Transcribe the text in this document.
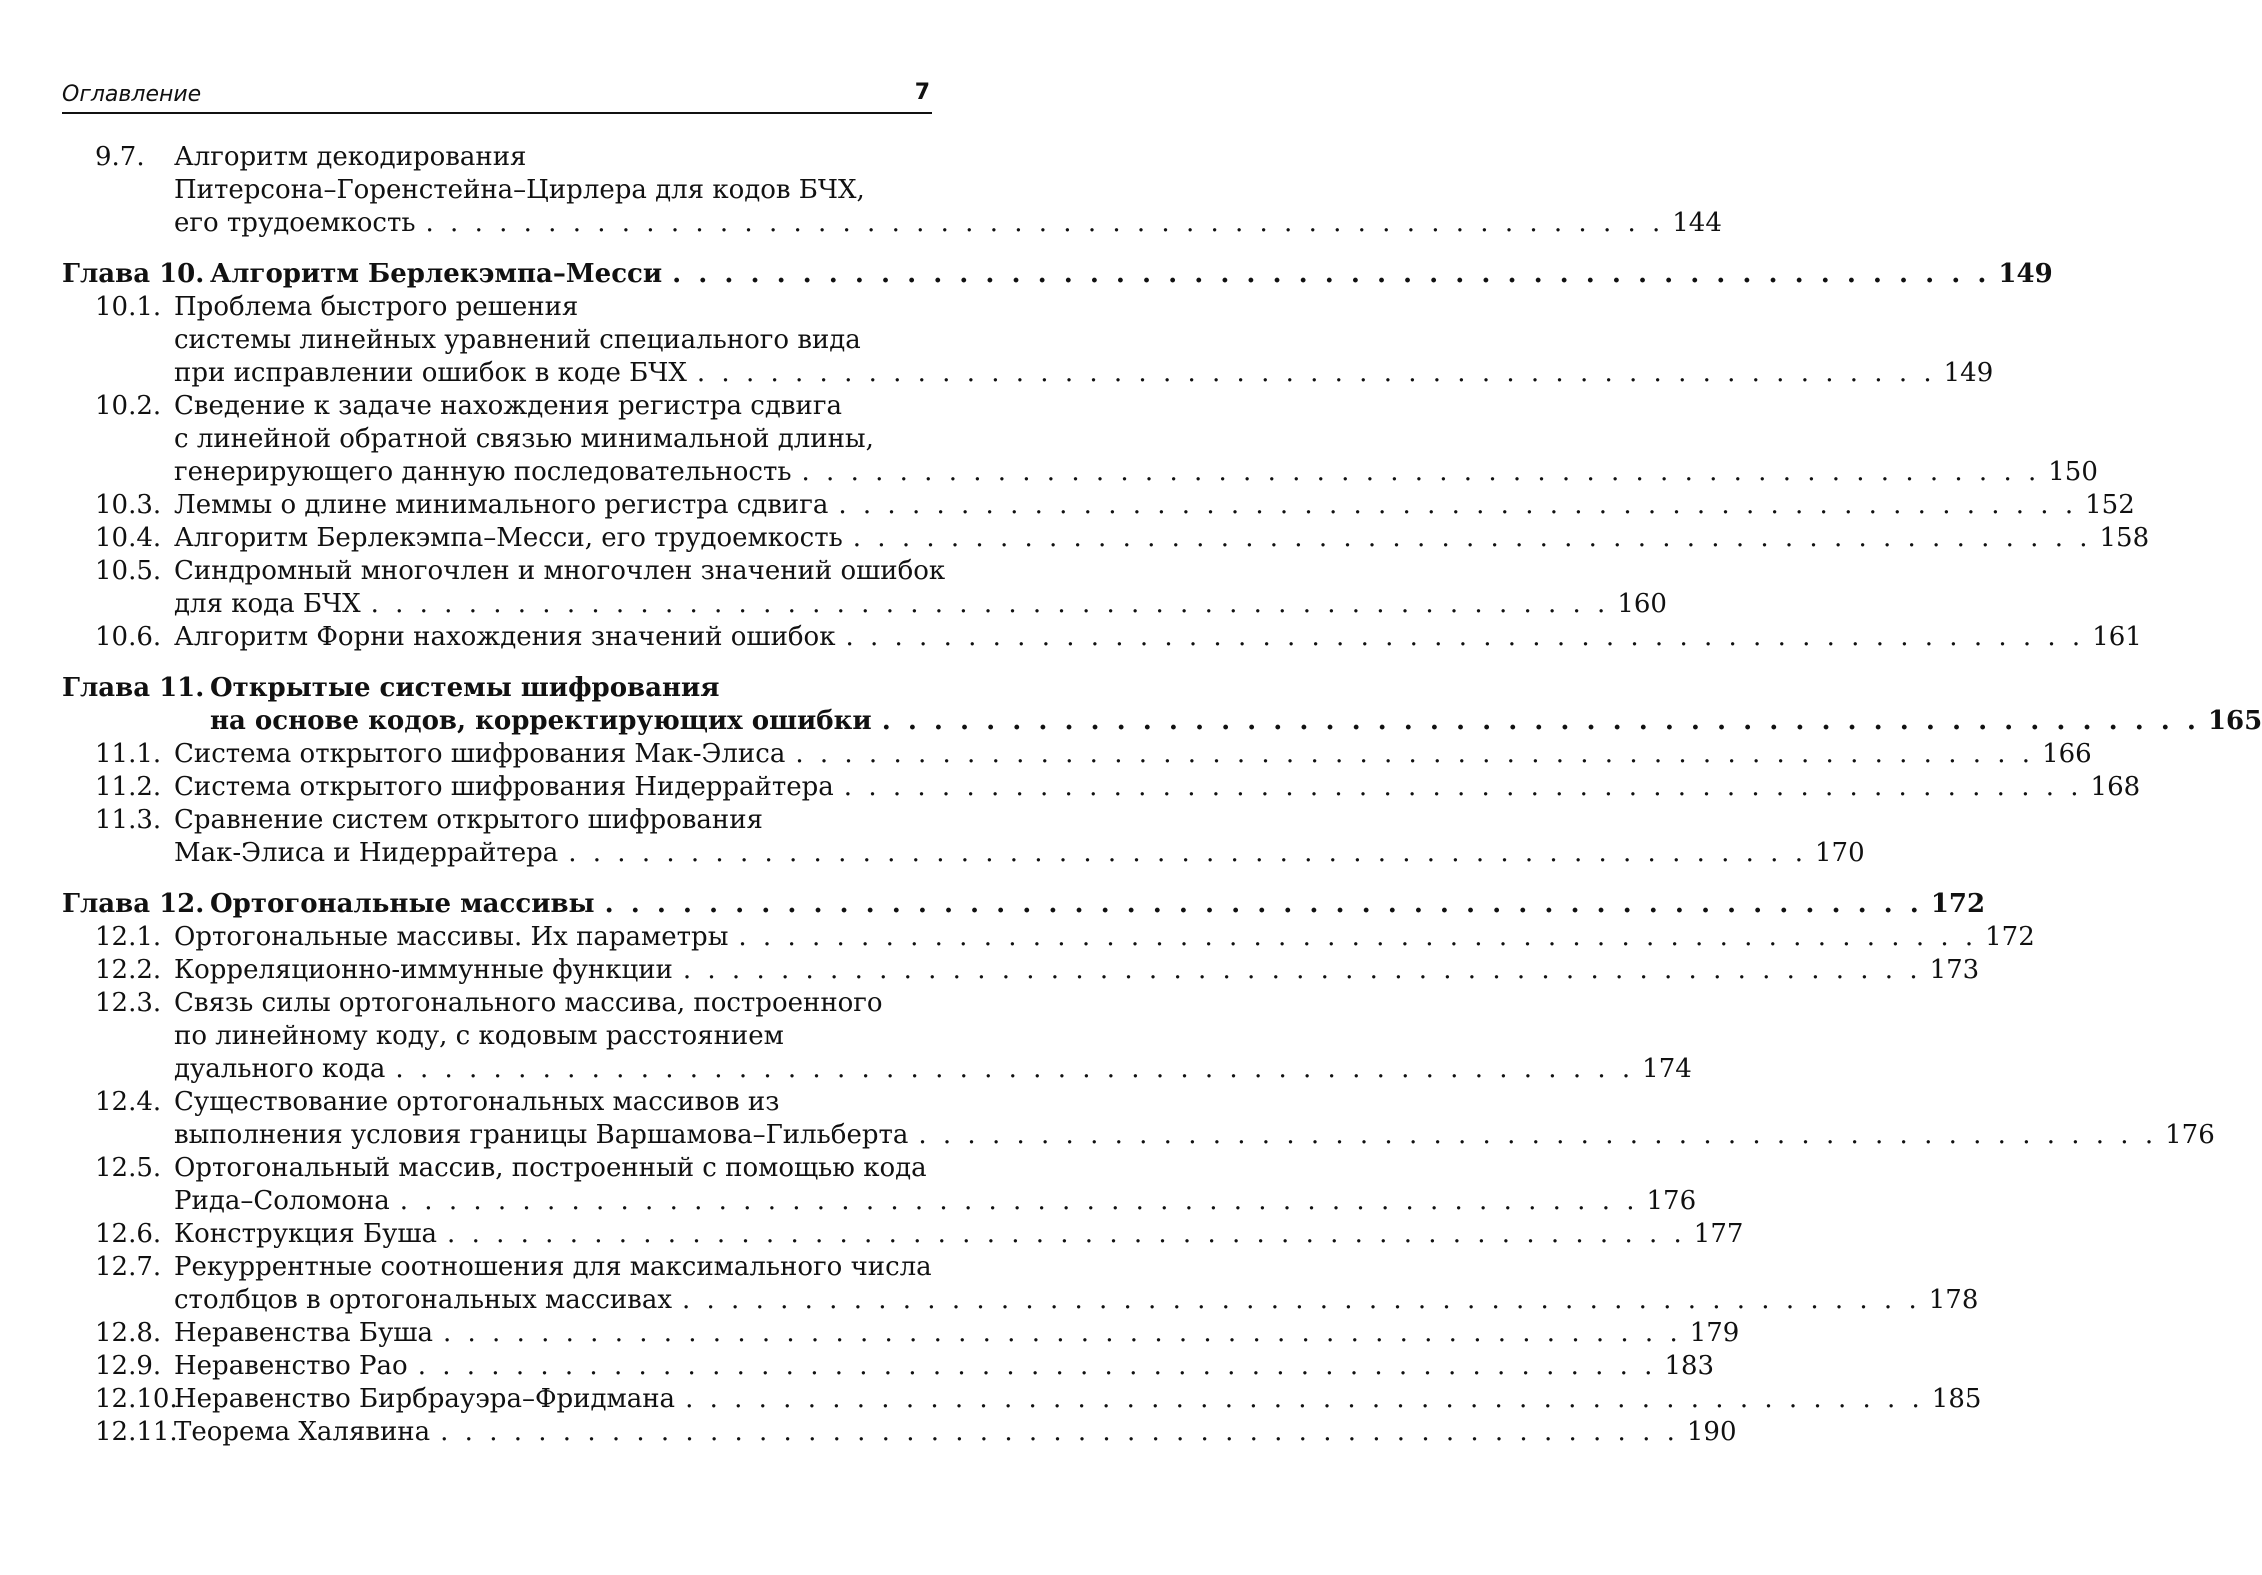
Оглавление	7
9.7. Алгоритм декодирования
Питерсона–Горенстейна–Цирлера для кодов БЧХ,
его трудоемкость . . . . . . . . . . . . . . . . . . . . . . . . . . . . . . . . . . . . . . . . . . . . . . . . . . . 144
Глава 10. Алгоритм Берлекэмпа–Месси . . . . . . . . . . . . . . . . . . . . . . . . . . . . . . . . . . . . . . . . . . . . . . . . . . . 149
10.1. Проблема быстрого решения
системы линейных уравнений специального вида
при исправлении ошибок в коде БЧХ . . . . . . . . . . . . . . . . . . . . . . . . . . . . . . . . . . . . . . . . . . . . . . . . . . . 149
10.2. Сведение к задаче нахождения регистра сдвига
с линейной обратной связью минимальной длины,
генерирующего данную последовательность . . . . . . . . . . . . . . . . . . . . . . . . . . . . . . . . . . . . . . . . . . . . . . . . . . . 150
10.3. Леммы о длине минимального регистра сдвига . . . . . . . . . . . . . . . . . . . . . . . . . . . . . . . . . . . . . . . . . . . . . . . . . . . 152
10.4. Алгоритм Берлекэмпа–Месси, его трудоемкость . . . . . . . . . . . . . . . . . . . . . . . . . . . . . . . . . . . . . . . . . . . . . . . . . . . 158
10.5. Синдромный многочлен и многочлен значений ошибок
для кода БЧХ . . . . . . . . . . . . . . . . . . . . . . . . . . . . . . . . . . . . . . . . . . . . . . . . . . . 160
10.6. Алгоритм Форни нахождения значений ошибок . . . . . . . . . . . . . . . . . . . . . . . . . . . . . . . . . . . . . . . . . . . . . . . . . . . 161
Глава 11. Открытые системы шифрования
на основе кодов, корректирующих ошибки . . . . . . . . . . . . . . . . . . . . . . . . . . . . . . . . . . . . . . . . . . . . . . . . . . . 165
11.1. Система открытого шифрования Мак-Элиса . . . . . . . . . . . . . . . . . . . . . . . . . . . . . . . . . . . . . . . . . . . . . . . . . . . 166
11.2. Система открытого шифрования Нидеррайтера . . . . . . . . . . . . . . . . . . . . . . . . . . . . . . . . . . . . . . . . . . . . . . . . . . . 168
11.3. Сравнение систем открытого шифрования
Мак-Элиса и Нидеррайтера . . . . . . . . . . . . . . . . . . . . . . . . . . . . . . . . . . . . . . . . . . . . . . . . . . . 170
Глава 12. Ортогональные массивы . . . . . . . . . . . . . . . . . . . . . . . . . . . . . . . . . . . . . . . . . . . . . . . . . . . 172
12.1. Ортогональные массивы. Их параметры . . . . . . . . . . . . . . . . . . . . . . . . . . . . . . . . . . . . . . . . . . . . . . . . . . . 172
12.2. Корреляционно-иммунные функции . . . . . . . . . . . . . . . . . . . . . . . . . . . . . . . . . . . . . . . . . . . . . . . . . . . 173
12.3. Связь силы ортогонального массива, построенного
по линейному коду, с кодовым расстоянием
дуального кода . . . . . . . . . . . . . . . . . . . . . . . . . . . . . . . . . . . . . . . . . . . . . . . . . . . 174
12.4. Существование ортогональных массивов из
выполнения условия границы Варшамова–Гильберта . . . . . . . . . . . . . . . . . . . . . . . . . . . . . . . . . . . . . . . . . . . . . . . . . . . 176
12.5. Ортогональный массив, построенный с помощью кода
Рида–Соломона . . . . . . . . . . . . . . . . . . . . . . . . . . . . . . . . . . . . . . . . . . . . . . . . . . . 176
12.6. Конструкция Буша . . . . . . . . . . . . . . . . . . . . . . . . . . . . . . . . . . . . . . . . . . . . . . . . . . . 177
12.7. Рекуррентные соотношения для максимального числа
столбцов в ортогональных массивах . . . . . . . . . . . . . . . . . . . . . . . . . . . . . . . . . . . . . . . . . . . . . . . . . . . 178
12.8. Неравенства Буша . . . . . . . . . . . . . . . . . . . . . . . . . . . . . . . . . . . . . . . . . . . . . . . . . . . 179
12.9. Неравенство Рао . . . . . . . . . . . . . . . . . . . . . . . . . . . . . . . . . . . . . . . . . . . . . . . . . . . 183
12.10.
Неравенство Бирбрауэра–Фридмана . . . . . . . . . . . . . . . . . . . . . . . . . . . . . . . . . . . . . . . . . . . . . . . . . . . 185
12.11.
Теорема Халявина . . . . . . . . . . . . . . . . . . . . . . . . . . . . . . . . . . . . . . . . . . . . . . . . . . . 190
